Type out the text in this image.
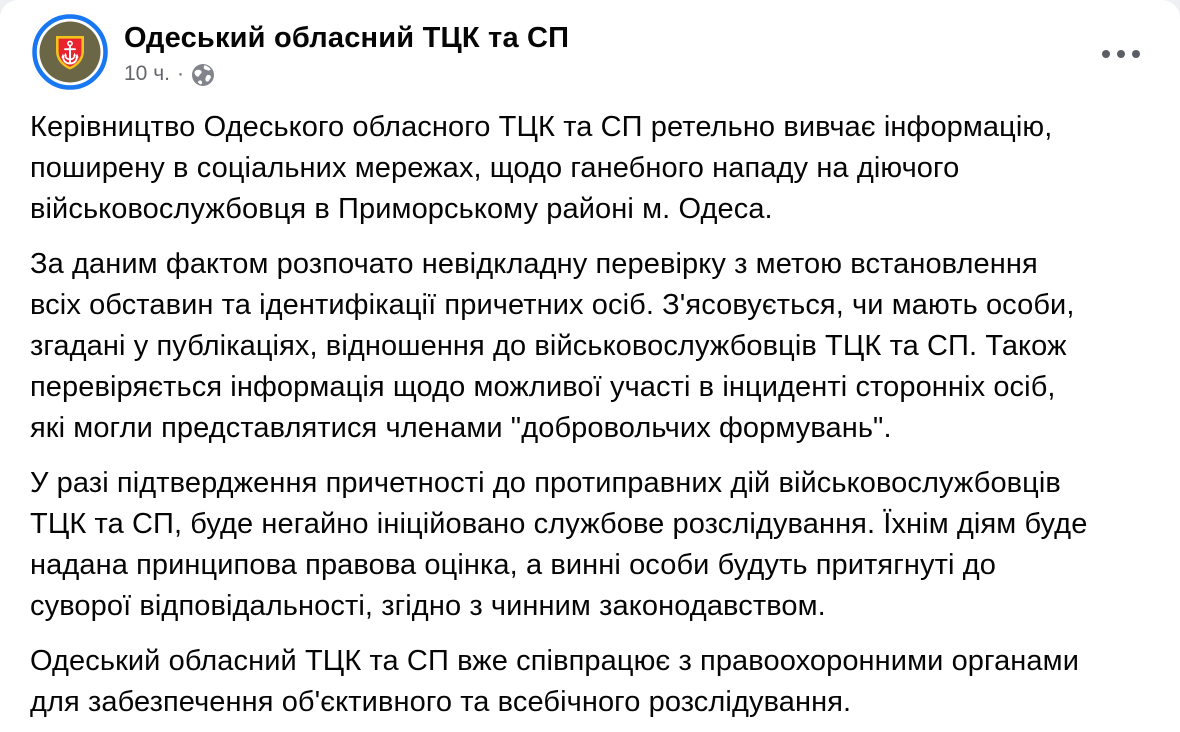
Одеський обласний ТЦК та СП
10 ч. ·

Керівництво Одеського обласного ТЦК та СП ретельно вивчає інформацію,
поширену в соціальних мережах, щодо ганебного нападу на діючого
військовослужбовця в Приморському районі м. Одеса.

За даним фактом розпочато невідкладну перевірку з метою встановлення
всіх обставин та ідентифікації причетних осіб. З'ясовується, чи мають особи,
згадані у публікаціях, відношення до військовослужбовців ТЦК та СП. Також
перевіряється інформація щодо можливої участі в інциденті сторонніх осіб,
які могли представлятися членами "добровольчих формувань".

У разі підтвердження причетності до протиправних дій військовослужбовців
ТЦК та СП, буде негайно ініційовано службове розслідування. Їхнім діям буде
надана принципова правова оцінка, а винні особи будуть притягнуті до
суворої відповідальності, згідно з чинним законодавством.

Одеський обласний ТЦК та СП вже співпрацює з правоохоронними органами
для забезпечення об'єктивного та всебічного розслідування.
